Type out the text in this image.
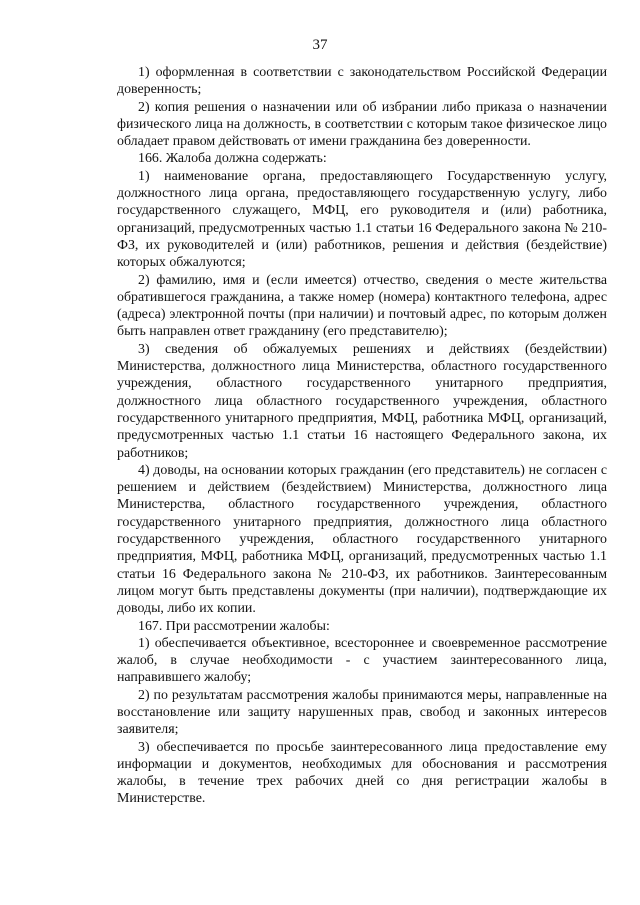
37

1) оформленная в соответствии с законодательством Российской Федерации доверенность;

2) копия решения о назначении или об избрании либо приказа о назначении физического лица на должность, в соответствии с которым такое физическое лицо обладает правом действовать от имени гражданина без доверенности.

166. Жалоба должна содержать:

1) наименование органа, предоставляющего Государственную услугу, должностного лица органа, предоставляющего государственную услугу, либо государственного служащего, МФЦ, его руководителя и (или) работника, организаций, предусмотренных частью 1.1 статьи 16 Федерального закона № 210-ФЗ, их руководителей и (или) работников, решения и действия (бездействие) которых обжалуются;

2) фамилию, имя и (если имеется) отчество, сведения о месте жительства обратившегося гражданина, а также номер (номера) контактного телефона, адрес (адреса) электронной почты (при наличии) и почтовый адрес, по которым должен быть направлен ответ гражданину (его представителю);

3) сведения об обжалуемых решениях и действиях (бездействии) Министерства, должностного лица Министерства, областного государственного учреждения, областного государственного унитарного предприятия, должностного лица областного государственного учреждения, областного государственного унитарного предприятия, МФЦ, работника МФЦ, организаций, предусмотренных частью 1.1 статьи 16 настоящего Федерального закона, их работников;

4) доводы, на основании которых гражданин (его представитель) не согласен с решением и действием (бездействием) Министерства, должностного лица Министерства, областного государственного учреждения, областного государственного унитарного предприятия, должностного лица областного государственного учреждения, областного государственного унитарного предприятия, МФЦ, работника МФЦ, организаций, предусмотренных частью 1.1 статьи 16 Федерального закона № 210-ФЗ, их работников. Заинтересованным лицом могут быть представлены документы (при наличии), подтверждающие их доводы, либо их копии.

167. При рассмотрении жалобы:

1) обеспечивается объективное, всестороннее и своевременное рассмотрение жалоб, в случае необходимости - с участием заинтересованного лица, направившего жалобу;

2) по результатам рассмотрения жалобы принимаются меры, направленные на восстановление или защиту нарушенных прав, свобод и законных интересов заявителя;

3) обеспечивается по просьбе заинтересованного лица предоставление ему информации и документов, необходимых для обоснования и рассмотрения жалобы, в течение трех рабочих дней со дня регистрации жалобы в Министерстве.
